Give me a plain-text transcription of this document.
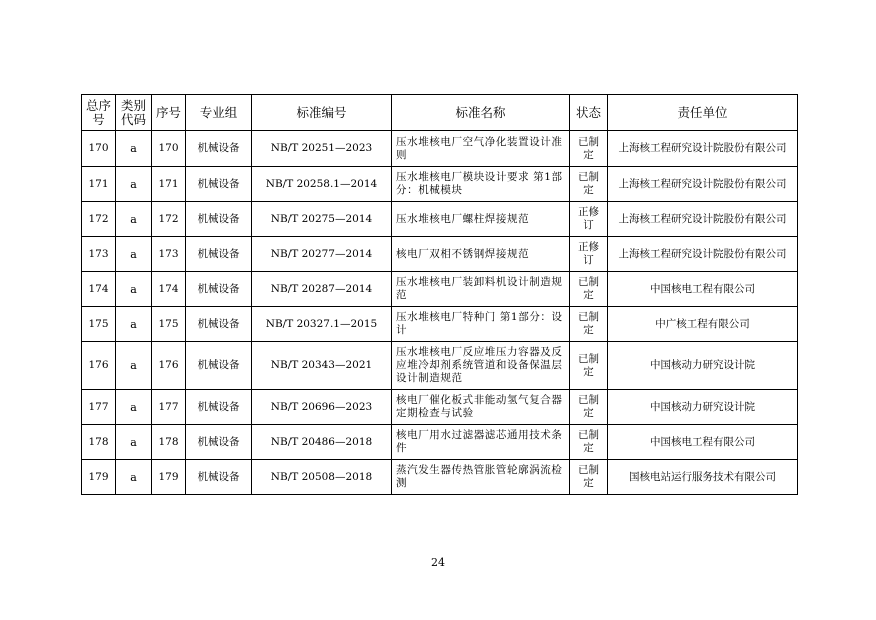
总序号	类别代码	序号	专业组	标准编号	标准名称	状态	责任单位
170	a	170	机械设备	NB/T 20251—2023	压水堆核电厂空气净化装置设计准则	已制定	上海核工程研究设计院股份有限公司
171	a	171	机械设备	NB/T 20258.1—2014	压水堆核电厂模块设计要求 第1部分：机械模块	已制定	上海核工程研究设计院股份有限公司
172	a	172	机械设备	NB/T 20275—2014	压水堆核电厂螺柱焊接规范	正修订	上海核工程研究设计院股份有限公司
173	a	173	机械设备	NB/T 20277—2014	核电厂双相不锈钢焊接规范	正修订	上海核工程研究设计院股份有限公司
174	a	174	机械设备	NB/T 20287—2014	压水堆核电厂装卸料机设计制造规范	已制定	中国核电工程有限公司
175	a	175	机械设备	NB/T 20327.1—2015	压水堆核电厂特种门 第1部分：设计	已制定	中广核工程有限公司
176	a	176	机械设备	NB/T 20343—2021	压水堆核电厂反应堆压力容器及反应堆冷却剂系统管道和设备保温层设计制造规范	已制定	中国核动力研究设计院
177	a	177	机械设备	NB/T 20696—2023	核电厂催化板式非能动氢气复合器定期检查与试验	已制定	中国核动力研究设计院
178	a	178	机械设备	NB/T 20486—2018	核电厂用水过滤器滤芯通用技术条件	已制定	中国核电工程有限公司
179	a	179	机械设备	NB/T 20508—2018	蒸汽发生器传热管胀管轮廓涡流检测	已制定	国核电站运行服务技术有限公司
24
